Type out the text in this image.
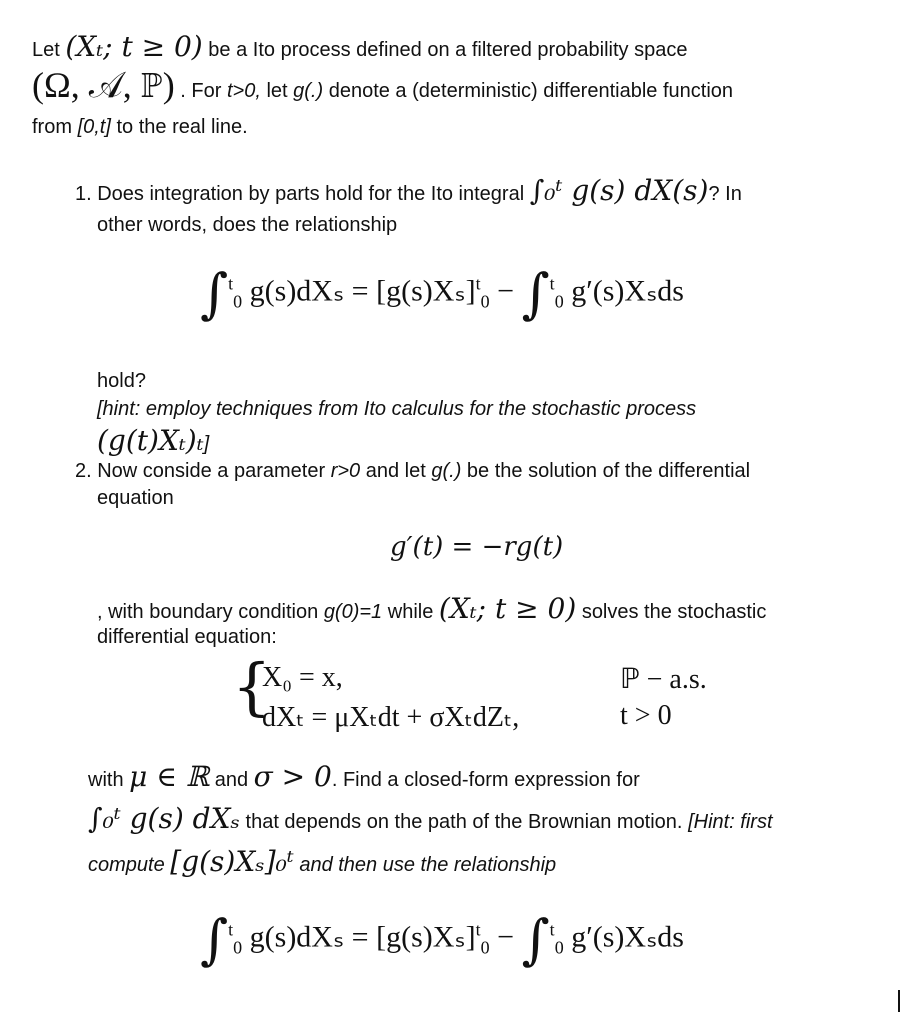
Let (Xₜ; t ≥ 0) be a Ito process defined on a filtered probability space
(Ω, 𝒜, ℙ) . For t>0, let g(.) denote a (deterministic) differentiable function
from [0,t] to the real line.
1. Does integration by parts hold for the Ito integral ∫₀ᵗ g(s) dX(s)? In
other words, does the relationship
∫$^t_0$ $g(s)dX_s = [g(s)X_s]^t_0 - \int^t_0$ g′(s)Xₛds
hold?
[hint: employ techniques from Ito calculus for the stochastic process
(g(t)Xₜ)ₜ]
2. Now conside a parameter r>0 and let g(.) be the solution of the differential
equation
g′(t) = −rg(t)
, with boundary condition g(0)=1 while (Xₜ; t ≥ 0) solves the stochastic
differential equation:
{
X₀ = x,	ℙ − a.s.
dXₜ = μXₜdt + σXₜdZₜ,	t > 0
with μ ∈ ℝ and σ > 0. Find a closed-form expression for
∫₀ᵗ g(s) dXₛ that depends on the path of the Brownian motion. [Hint: first
compute [g(s)Xₛ]₀ᵗ and then use the relationship
∫$^t_0$ $g(s)dX_s = [g(s)X_s]^t_0 - \int^t_0$ g′(s)Xₛds
